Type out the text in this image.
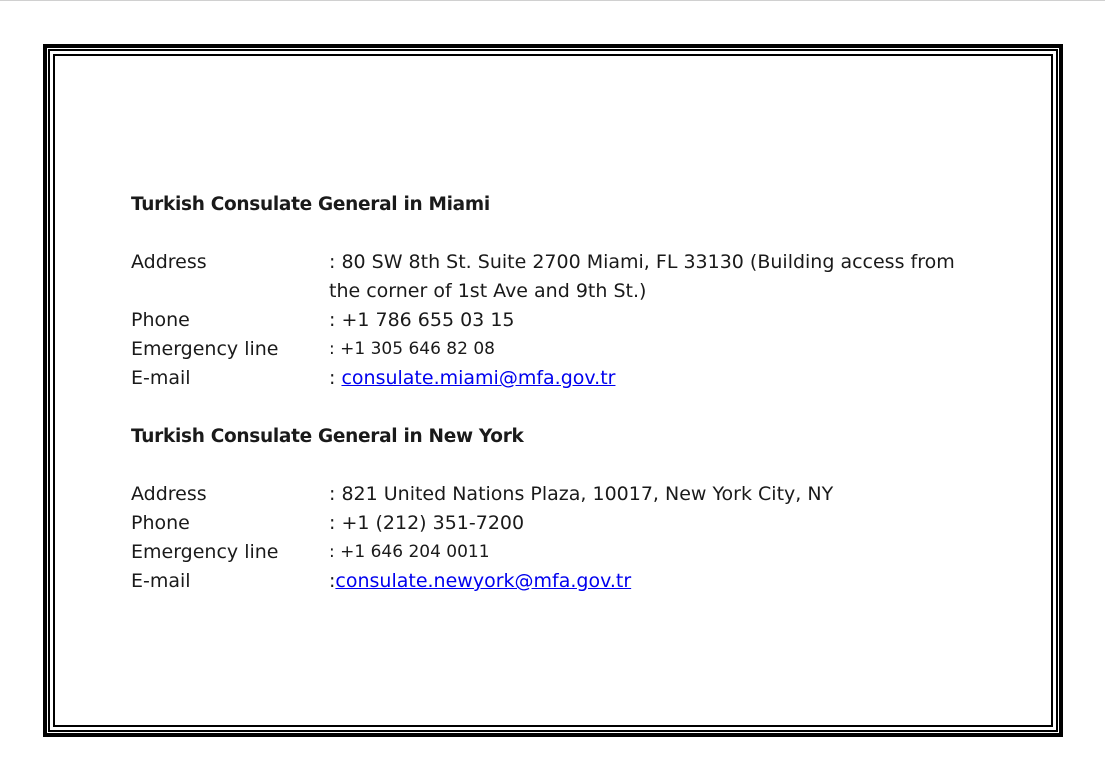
Turkish Consulate General in Miami
Address	: 80 SW 8th St. Suite 2700 Miami, FL 33130 (Building access from the corner of 1st Ave and 9th St.)
Phone	: +1 786 655 03 15
Emergency line	: +1 305 646 82 08
E-mail	: consulate.miami@mfa.gov.tr
Turkish Consulate General in New York
Address	: 821 United Nations Plaza, 10017, New York City, NY
Phone	: +1 (212) 351-7200
Emergency line	: +1 646 204 0011
E-mail	:consulate.newyork@mfa.gov.tr
